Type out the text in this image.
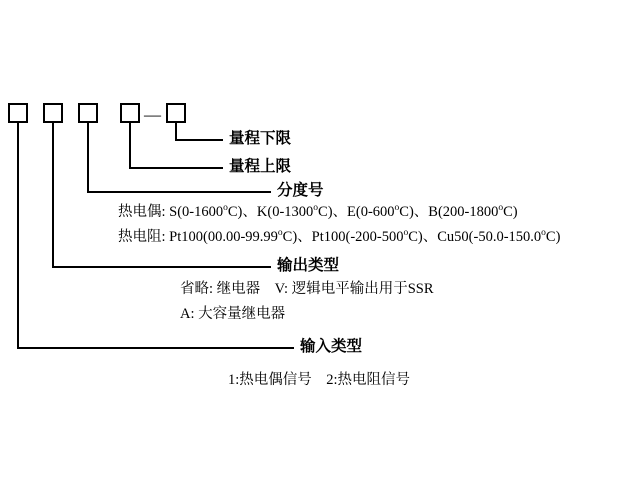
—
量程下限
量程上限
分度号
输出类型
输入类型
热电偶: S(0-1600$^o$C)、K(0-1300$^o$C)、E(0-600$^o$C)、B(200-1800$^o$C)
热电阻: Pt100(00.00-99.99$^o$C)、Pt100(-200-500$^o$C)、Cu50(-50.0-150.0$^o$C)
省略: 继电器 V: 逻辑电平输出用于SSR
A: 大容量继电器
1:热电偶信号 2:热电阻信号
